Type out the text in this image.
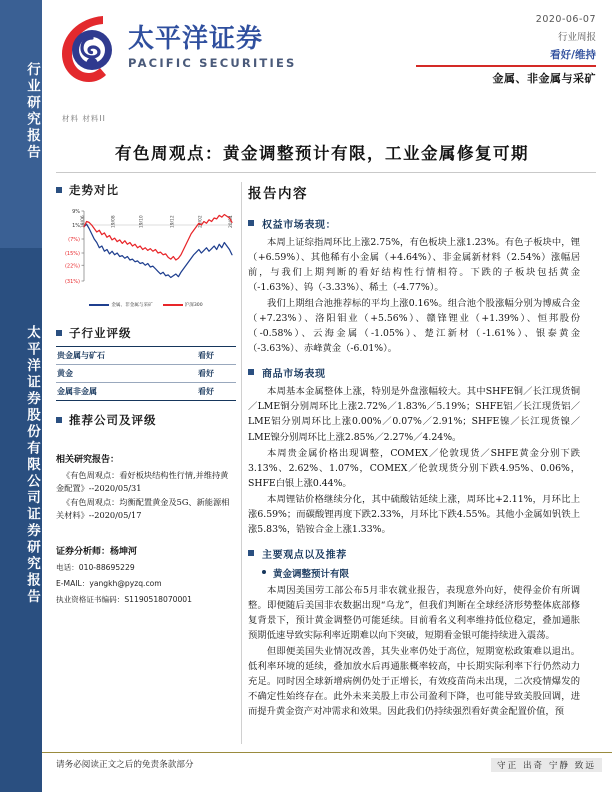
行业研究报告
太平洋证券股份有限公司证券研究报告
太平洋证券
PACIFIC SECURITIES
2020-06-07
行业周报
看好/维持
金属、非金属与采矿
材料 材料II
有色周观点：黄金调整预计有限，工业金属修复可期
走势对比
9%
1%
(7%)
(15%)
(22%)
(31%)
19/06	19/08	19/10	19/12	20/02	20/04
金属、非金属与采矿	沪深300
子行业评级
贵金属与矿石	看好
黄金	看好
金属非金属	看好
推荐公司及评级
相关研究报告：
《有色周观点：看好板块结构性行情,并维持黄金配置》--2020/05/31
《有色周观点：均衡配置黄金及5G、新能源相关材料》--2020/05/17
证券分析师：杨坤河
电话：010-88695229
E-MAIL：yangkh@pyzq.com
执业资格证书编码：S1190518070001
报告内容
权益市场表现：

本周上证综指周环比上涨2.75%，有色板块上涨1.23%。有色子板块中，锂（+6.59%）、其他稀有小金属（+4.64%）、非金属新材料（2.54%）涨幅居前，与我们上期判断的看好结构性行情相符。下跌的子板块包括黄金（-1.63%）、钨（-3.33%）、稀土（-4.77%）。

我们上期组合池推荐标的平均上涨0.16%。组合池个股涨幅分别为博威合金（+7.23%）、洛阳钼业（+5.56%）、赣锋锂业（+1.39%）、恒邦股份（-0.58%）、云海金属（-1.05%）、楚江新材（-1.61%）、银泰黄金（-3.63%）、赤峰黄金（-6.01%）。

商品市场表现

本周基本金属整体上涨，特别是外盘涨幅较大。其中SHFE铜／长江现货铜／LME铜分别周环比上涨2.72%／1.83%／5.19%；SHFE铝／长江现货铝／LME铝分别周环比上涨0.00%／0.07%／2.91%；SHFE镍／长江现货镍／LME镍分别周环比上涨2.85%／2.27%／4.24%。

本周贵金属价格出现调整，COMEX／伦敦现货／SHFE黄金分别下跌3.13%、2.62%、1.07%，COMEX／伦敦现货分别下跌4.95%、0.06%，SHFE白银上涨0.44%。

本周锂钴价格继续分化，其中硫酸钴延续上涨，周环比+2.11%，月环比上涨6.59%；而碳酸锂再度下跌2.33%，月环比下跌4.55%。其他小金属如钒铁上涨5.83%，锆铵合金上涨1.33%。

主要观点以及推荐
黄金调整预计有限

本周因美国劳工部公布5月非农就业报告，表现意外向好，使得金价有所调整。即便随后美国非农数据出现“乌龙”，但我们判断在全球经济形势整体底部修复背景下，预计黄金调整仍可能延续。目前看名义利率维持低位稳定，叠加通胀预期低速导致实际利率近期难以向下突破，短期看金银可能持续进入震荡。

但即便美国失业情况改善，其失业率仍处于高位，短期宽松政策难以退出。低利率环境的延续，叠加放水后再通胀概率较高，中长期实际利率下行仍然动力充足。同时因全球新增病例仍处于正增长，有效疫苗尚未出现，二次疫情爆发的不确定性始终存在。此外未来美股上市公司盈利下降，也可能导致美股回调，进而提升黄金资产对冲需求和效果。因此我们仍持续强烈看好黄金配置价值，预

请务必阅读正文之后的免责条款部分	守正 出奇 宁静 致远
